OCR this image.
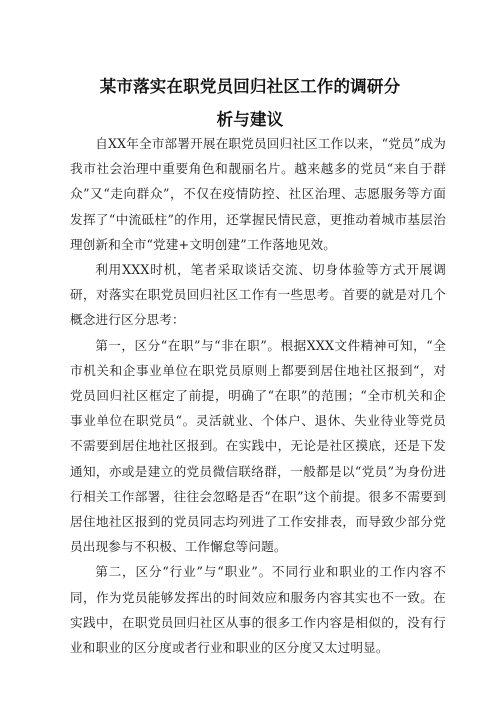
某市落实在职党员回归社区工作的调研分
析与建议

自XX年全市部署开展在职党员回归社区工作以来，“党员”成为我市社会治理中重要角色和靓丽名片。越来越多的党员“来自于群众”又“走向群众”，不仅在疫情防控、社区治理、志愿服务等方面发挥了“中流砥柱”的作用，还掌握民情民意，更推动着城市基层治理创新和全市“党建+文明创建”工作落地见效。

利用XXX时机，笔者采取谈话交流、切身体验等方式开展调研，对落实在职党员回归社区工作有一些思考。首要的就是对几个概念进行区分思考：

第一，区分“在职”与“非在职”。根据XXX文件精神可知，“全市机关和企事业单位在职党员原则上都要到居住地社区报到“，对党员回归社区框定了前提，明确了“在职”的范围；“全市机关和企事业单位在职党员“。灵活就业、个体户、退休、失业待业等党员不需要到居住地社区报到。在实践中，无论是社区摸底，还是下发通知，亦或是建立的党员微信联络群，一般都是以“党员”为身份进行相关工作部署，往往会忽略是否“在职”这个前提。很多不需要到居住地社区报到的党员同志均列进了工作安排表，而导致少部分党员出现参与不积极、工作懈怠等问题。

第二，区分“行业”与“职业”。不同行业和职业的工作内容不同，作为党员能够发挥出的时间效应和服务内容其实也不一致。在实践中，在职党员回归社区从事的很多工作内容是相似的，没有行业和职业的区分度或者行业和职业的区分度又太过明显。
